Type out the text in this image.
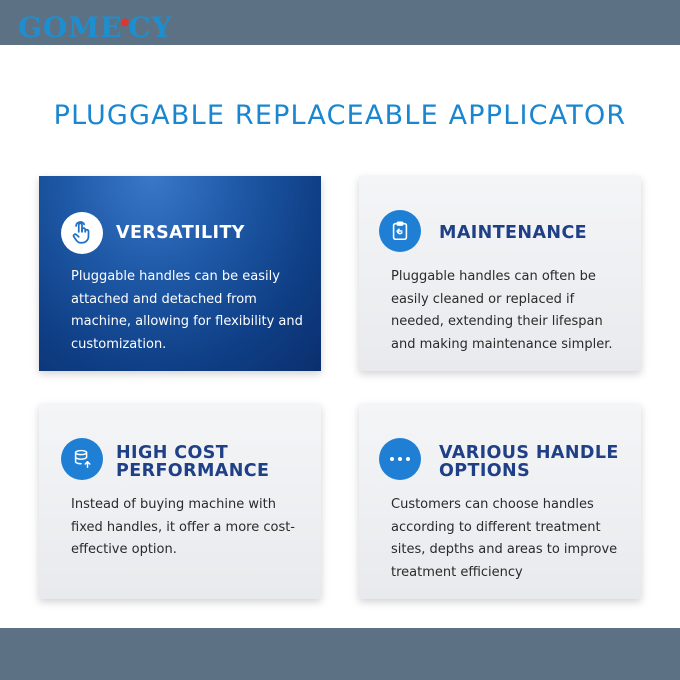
GOME●CY
PLUGGABLE REPLACEABLE APPLICATOR
VERSATILITY
Pluggable handles can be easily attached and detached from machine, allowing for flexibility and customization.
MAINTENANCE
Pluggable handles can often be easily cleaned or replaced if needed, extending their lifespan and making maintenance simpler.
HIGH COST
PERFORMANCE
Instead of buying machine with fixed handles, it offer a more cost-effective option.
VARIOUS HANDLE
OPTIONS
Customers can choose handles according to different treatment sites, depths and areas to improve treatment efficiency
